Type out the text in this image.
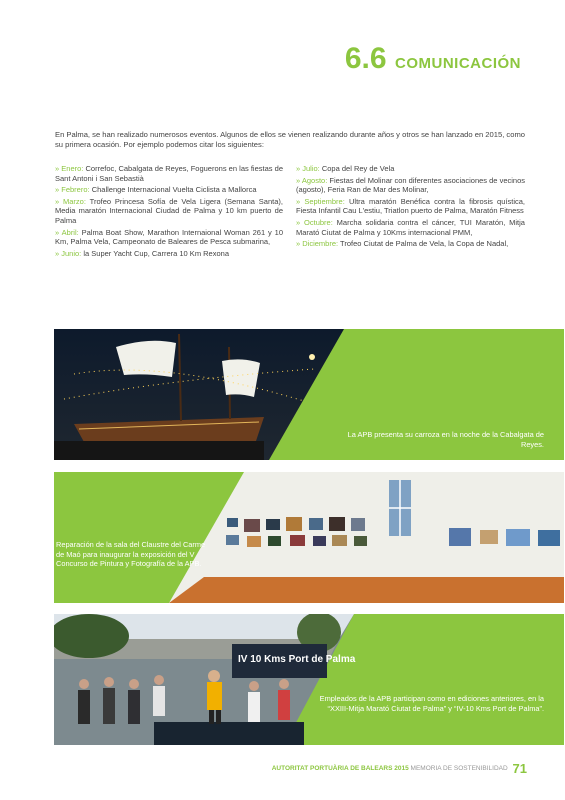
6.6 COMUNICACIÓN
En Palma, se han realizado numerosos eventos. Algunos de ellos se vienen realizando durante años y otros se han lanzado en 2015, como su primera ocasión. Por ejemplo podemos citar los siguientes:

» Enero: Correfoc, Cabalgata de Reyes, Foguerons en las fiestas de Sant Antoni i San Sebastià

» Febrero: Challenge Internacional Vuelta Ciclista a Mallorca

» Marzo: Trofeo Princesa Sofía de Vela Ligera (Semana Santa), Media maratón Internacional Ciudad de Palma y 10 km puerto de Palma

» Abril: Palma Boat Show, Marathon Internaional Woman 261 y 10 Km, Palma Vela, Campeonato de Baleares de Pesca submarina,

» Junio: la Super Yacht Cup, Carrera 10 Km Rexona

» Julio: Copa del Rey de Vela

» Agosto: Fiestas del Molinar con diferentes asociaciones de vecinos (agosto), Feria Ran de Mar des Molinar,

» Septiembre: Ultra maratón Benéfica contra la fibrosis quística, Fiesta Infantil Cau L'estiu, Triatlon puerto de Palma, Maratón Fitness

» Octubre: Marcha solidaria contra el cáncer, TUI Maratón, Mitja Marató Ciutat de Palma y 10Kms internacional PMM,

» Diciembre: Trofeo Ciutat de Palma de Vela, la Copa de Nadal,

La APB presenta su carroza en la noche de la Cabalgata de Reyes.
Reparación de la sala del Claustre del Carme de Maó para inaugurar la exposición del V Concurso de Pintura y Fotografía de la APB.
IV 10 Kms Port de Palma
Empleados de la APB participan como en ediciones anteriores, en la “XXIII-Mitja Marató Ciutat de Palma” y “IV-10 Kms Port de Palma”.
AUTORITAT PORTUÀRIA DE BALEARS 2015 MEMORIA DE SOSTENIBILIDAD 71
